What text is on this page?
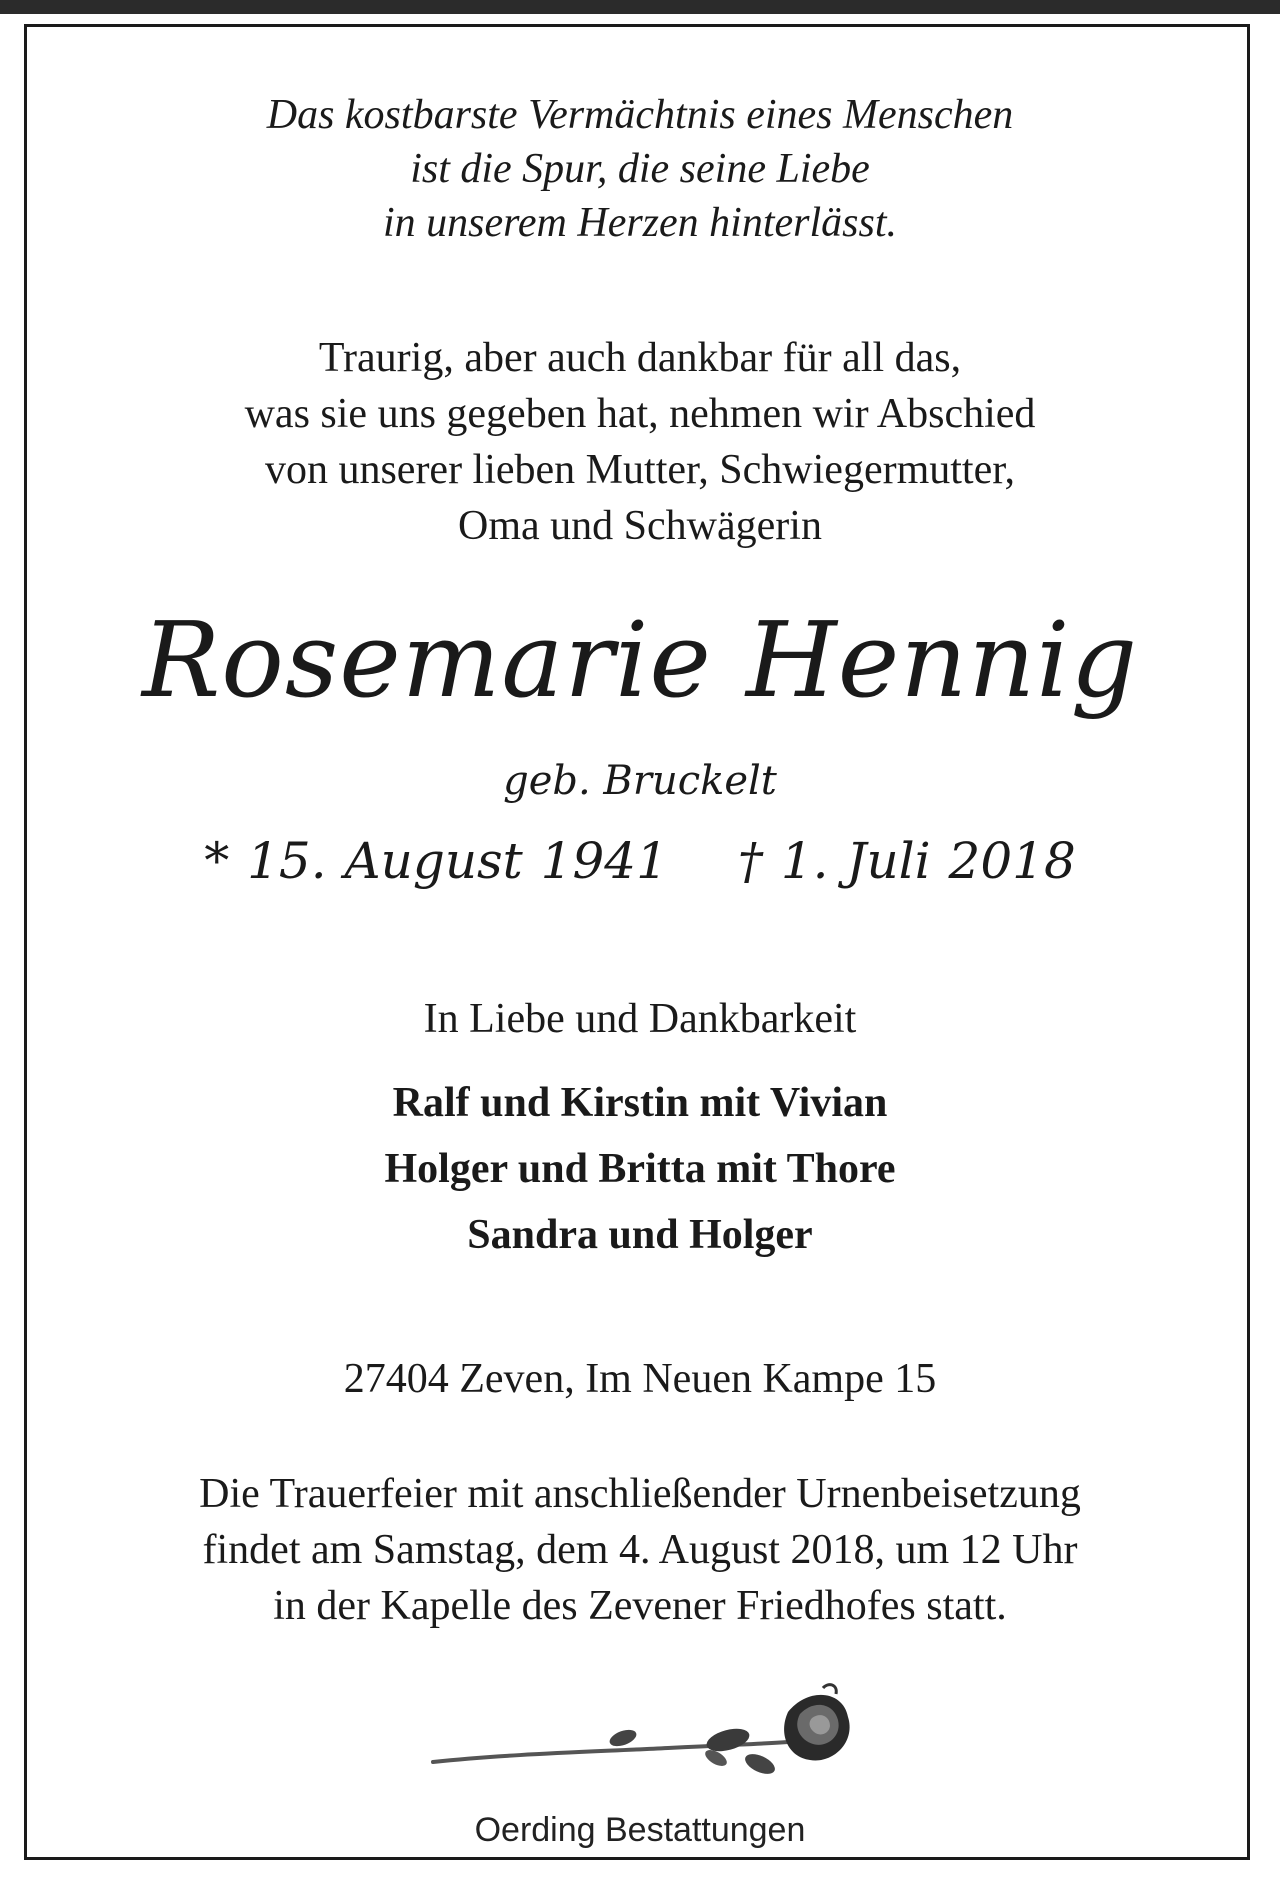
Das kostbarste Vermächtnis eines Menschen
ist die Spur, die seine Liebe
in unserem Herzen hinterlässt.
Traurig, aber auch dankbar für all das,
was sie uns gegeben hat, nehmen wir Abschied
von unserer lieben Mutter, Schwiegermutter,
Oma und Schwägerin
Rosemarie Hennig
geb. Bruckelt
* 15. August 1941 † 1. Juli 2018
In Liebe und Dankbarkeit
Ralf und Kirstin mit Vivian
Holger und Britta mit Thore
Sandra und Holger
27404 Zeven, Im Neuen Kampe 15
Die Trauerfeier mit anschließender Urnenbeisetzung
findet am Samstag, dem 4. August 2018, um 12 Uhr
in der Kapelle des Zevener Friedhofes statt.
Oerding Bestattungen
